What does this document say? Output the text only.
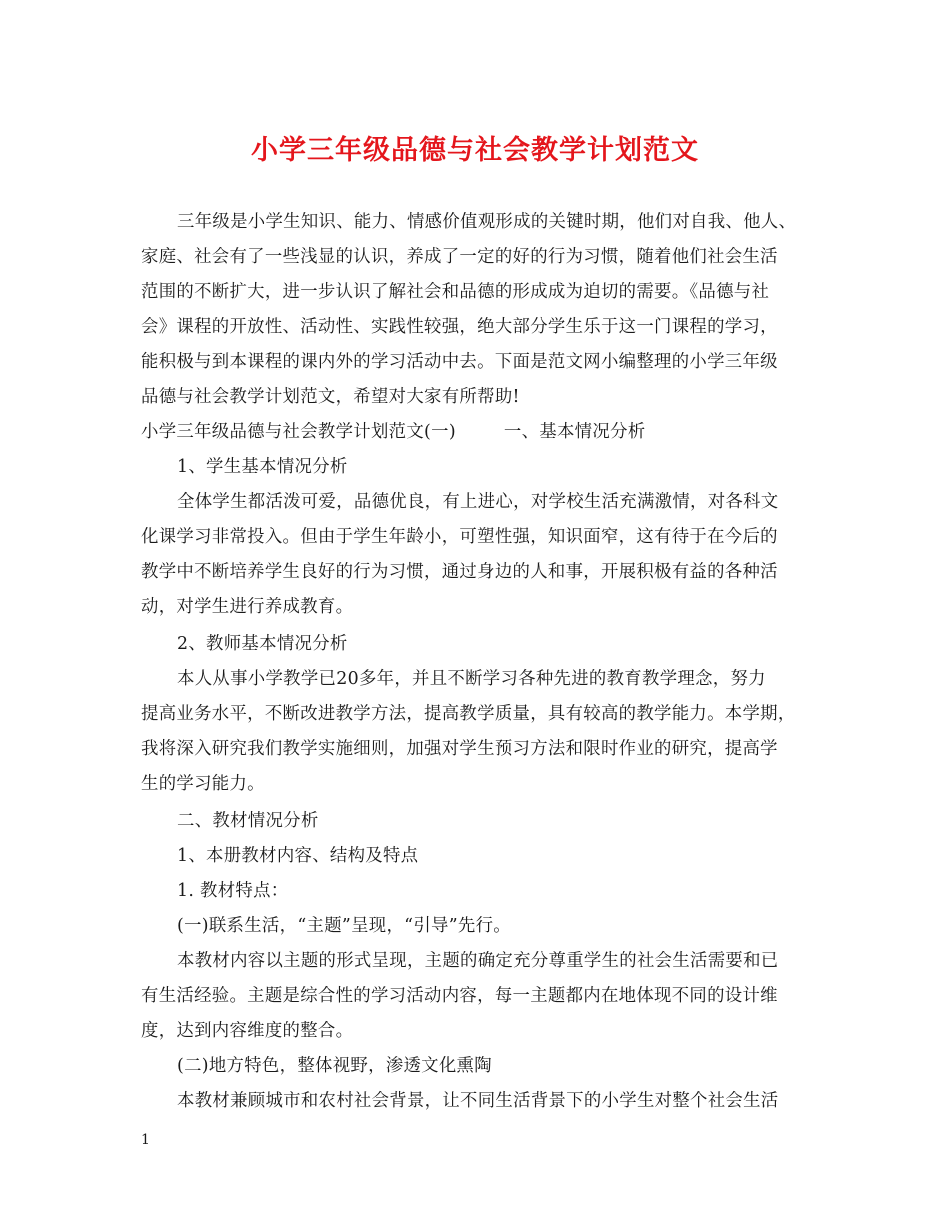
小学三年级品德与社会教学计划范文
三年级是小学生知识、能力、情感价值观形成的关键时期，他们对自我、他人、
家庭、社会有了一些浅显的认识，养成了一定的好的行为习惯，随着他们社会生活
范围的不断扩大，进一步认识了解社会和品德的形成成为迫切的需要。《品德与社
会》课程的开放性、活动性、实践性较强，绝大部分学生乐于这一门课程的学习，
能积极与到本课程的课内外的学习活动中去。下面是范文网小编整理的小学三年级
品德与社会教学计划范文，希望对大家有所帮助!
小学三年级品德与社会教学计划范文(一)	一、基本情况分析
1、学生基本情况分析
全体学生都活泼可爱，品德优良，有上进心，对学校生活充满激情，对各科文
化课学习非常投入。但由于学生年龄小，可塑性强，知识面窄，这有待于在今后的
教学中不断培养学生良好的行为习惯，通过身边的人和事，开展积极有益的各种活
动，对学生进行养成教育。
2、教师基本情况分析
本人从事小学教学已20多年，并且不断学习各种先进的教育教学理念，努力
提高业务水平，不断改进教学方法，提高教学质量，具有较高的教学能力。本学期，
我将深入研究我们教学实施细则，加强对学生预习方法和限时作业的研究，提高学
生的学习能力。
二、教材情况分析
1、本册教材内容、结构及特点
1. 教材特点：
(一)联系生活，“主题”呈现，“引导”先行。
本教材内容以主题的形式呈现，主题的确定充分尊重学生的社会生活需要和已
有生活经验。主题是综合性的学习活动内容，每一主题都内在地体现不同的设计维
度，达到内容维度的整合。
(二)地方特色，整体视野，渗透文化熏陶
本教材兼顾城市和农村社会背景，让不同生活背景下的小学生对整个社会生活
1
